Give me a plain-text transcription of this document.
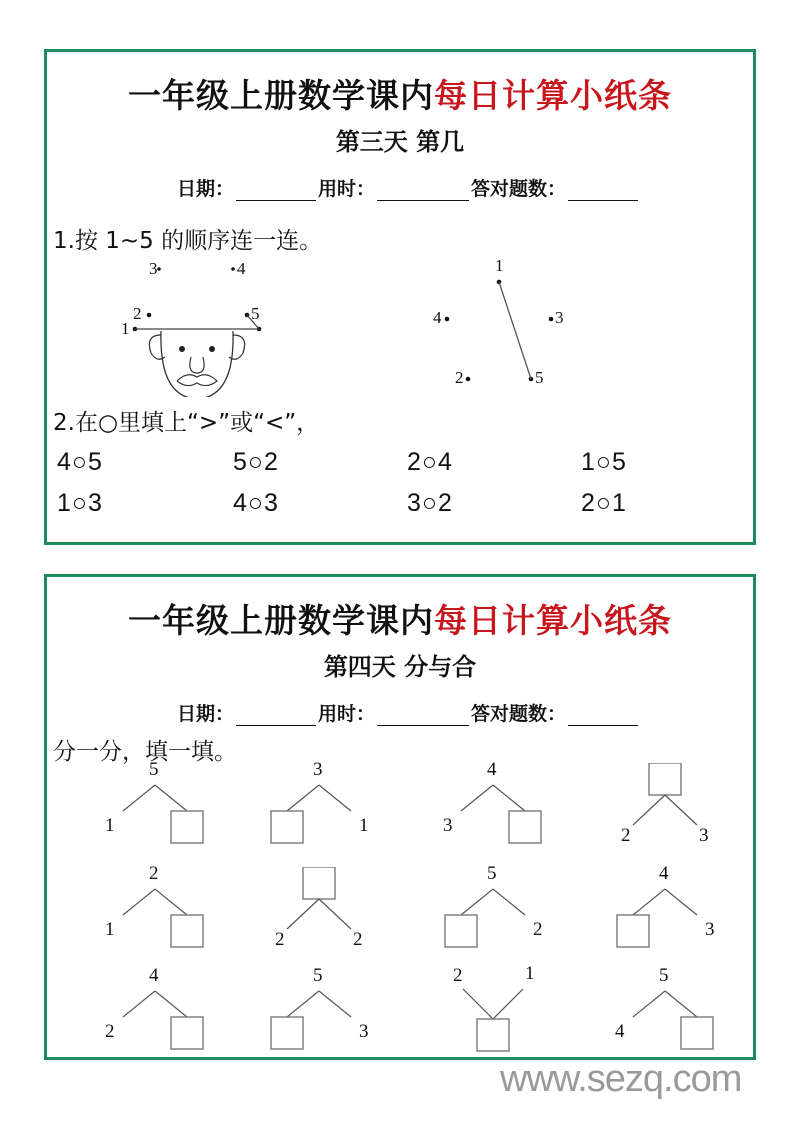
一年级上册数学课内每日计算小纸条
第三天 第几
日期：	用时：	答对题数：
1.按 1~5 的顺序连一连。
3	4
2
1
5
1
4	3
2	5
2.在○里填上“>”或“<”，
4○5	5○2	2○4	1○5
1○3	4○3	3○2	2○1
一年级上册数学课内每日计算小纸条
第四天 分与合
日期：	用时：	答对题数：
分一分，填一填。
5
1
3
1
4
3	2	3
2
1	2	2
5
2
4
3
4
2
5
3
2	1	5
4
www.sezq.com
